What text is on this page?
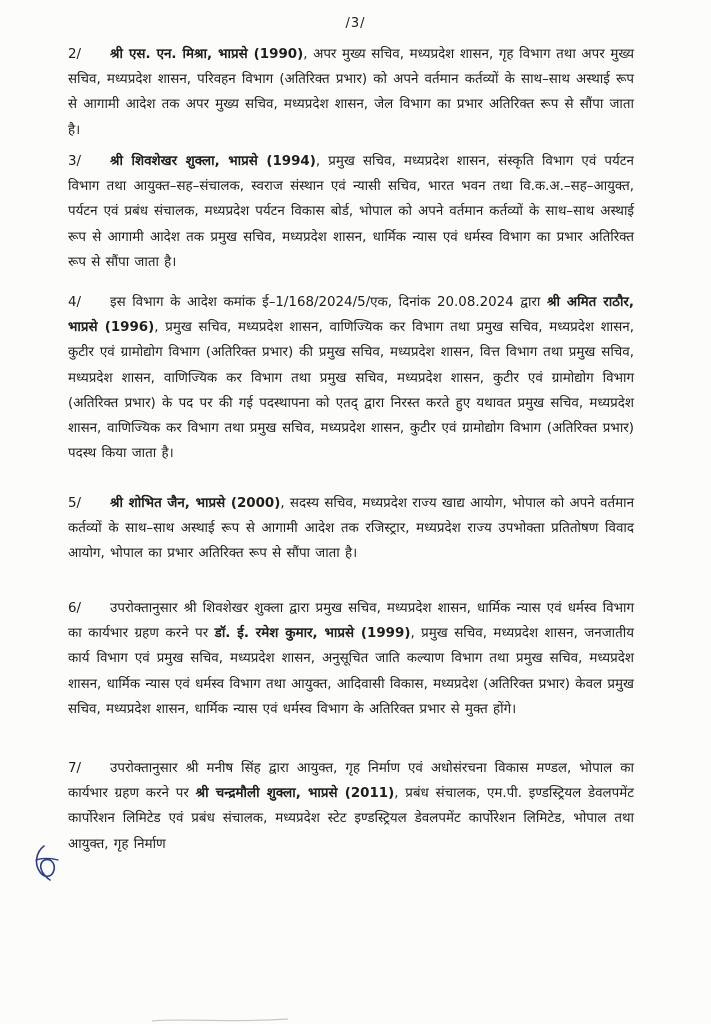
/3/
2/ श्री एस. एन. मिश्रा, भाप्रसे (1990), अपर मुख्य सचिव, मध्यप्रदेश शासन, गृह विभाग तथा अपर मुख्य सचिव, मध्यप्रदेश शासन, परिवहन विभाग (अतिरिक्त प्रभार) को अपने वर्तमान कर्तव्यों के साथ–साथ अस्थाई रूप से आगामी आदेश तक अपर मुख्य सचिव, मध्यप्रदेश शासन, जेल विभाग का प्रभार अतिरिक्त रूप से सौंपा जाता है।
3/ श्री शिवशेखर शुक्ला, भाप्रसे (1994), प्रमुख सचिव, मध्यप्रदेश शासन, संस्कृति विभाग एवं पर्यटन विभाग तथा आयुक्त–सह–संचालक, स्वराज संस्थान एवं न्यासी सचिव, भारत भवन तथा वि.क.अ.–सह–आयुक्त, पर्यटन एवं प्रबंध संचालक, मध्यप्रदेश पर्यटन विकास बोर्ड, भोपाल को अपने वर्तमान कर्तव्यों के साथ–साथ अस्थाई रूप से आगामी आदेश तक प्रमुख सचिव, मध्यप्रदेश शासन, धार्मिक न्यास एवं धर्मस्व विभाग का प्रभार अतिरिक्त रूप से सौंपा जाता है।
4/ इस विभाग के आदेश कमांक ई–1/168/2024/5/एक, दिनांक 20.08.2024 द्वारा श्री अमित राठौर, भाप्रसे (1996), प्रमुख सचिव, मध्यप्रदेश शासन, वाणिज्यिक कर विभाग तथा प्रमुख सचिव, मध्यप्रदेश शासन, कुटीर एवं ग्रामोद्योग विभाग (अतिरिक्त प्रभार) की प्रमुख सचिव, मध्यप्रदेश शासन, वित्त विभाग तथा प्रमुख सचिव, मध्यप्रदेश शासन, वाणिज्यिक कर विभाग तथा प्रमुख सचिव, मध्यप्रदेश शासन, कुटीर एवं ग्रामोद्योग विभाग (अतिरिक्त प्रभार) के पद पर की गई पदस्थापना को एतद् द्वारा निरस्त करते हुए यथावत प्रमुख सचिव, मध्यप्रदेश शासन, वाणिज्यिक कर विभाग तथा प्रमुख सचिव, मध्यप्रदेश शासन, कुटीर एवं ग्रामोद्योग विभाग (अतिरिक्त प्रभार) पदस्थ किया जाता है।
5/ श्री शोभित जैन, भाप्रसे (2000), सदस्य सचिव, मध्यप्रदेश राज्य खाद्य आयोग, भोपाल को अपने वर्तमान कर्तव्यों के साथ–साथ अस्थाई रूप से आगामी आदेश तक रजिस्ट्रार, मध्यप्रदेश राज्य उपभोक्ता प्रतितोषण विवाद आयोग, भोपाल का प्रभार अतिरिक्त रूप से सौंपा जाता है।
6/ उपरोक्तानुसार श्री शिवशेखर शुक्ला द्वारा प्रमुख सचिव, मध्यप्रदेश शासन, धार्मिक न्यास एवं धर्मस्व विभाग का कार्यभार ग्रहण करने पर डॉ. ई. रमेश कुमार, भाप्रसे (1999), प्रमुख सचिव, मध्यप्रदेश शासन, जनजातीय कार्य विभाग एवं प्रमुख सचिव, मध्यप्रदेश शासन, अनुसूचित जाति कल्याण विभाग तथा प्रमुख सचिव, मध्यप्रदेश शासन, धार्मिक न्यास एवं धर्मस्व विभाग तथा आयुक्त, आदिवासी विकास, मध्यप्रदेश (अतिरिक्त प्रभार) केवल प्रमुख सचिव, मध्यप्रदेश शासन, धार्मिक न्यास एवं धर्मस्व विभाग के अतिरिक्त प्रभार से मुक्त होंगे।
7/ उपरोक्तानुसार श्री मनीष सिंह द्वारा आयुक्त, गृह निर्माण एवं अधोसंरचना विकास मण्डल, भोपाल का कार्यभार ग्रहण करने पर श्री चन्द्रमौली शुक्ला, भाप्रसे (2011), प्रबंध संचालक, एम.पी. इण्डस्ट्रियल डेवलपमेंट कार्पोरेशन लिमिटेड एवं प्रबंध संचालक, मध्यप्रदेश स्टेट इण्डस्ट्रियल डेवलपमेंट कार्पोरेशन लिमिटेड, भोपाल तथा आयुक्त, गृह निर्माण
